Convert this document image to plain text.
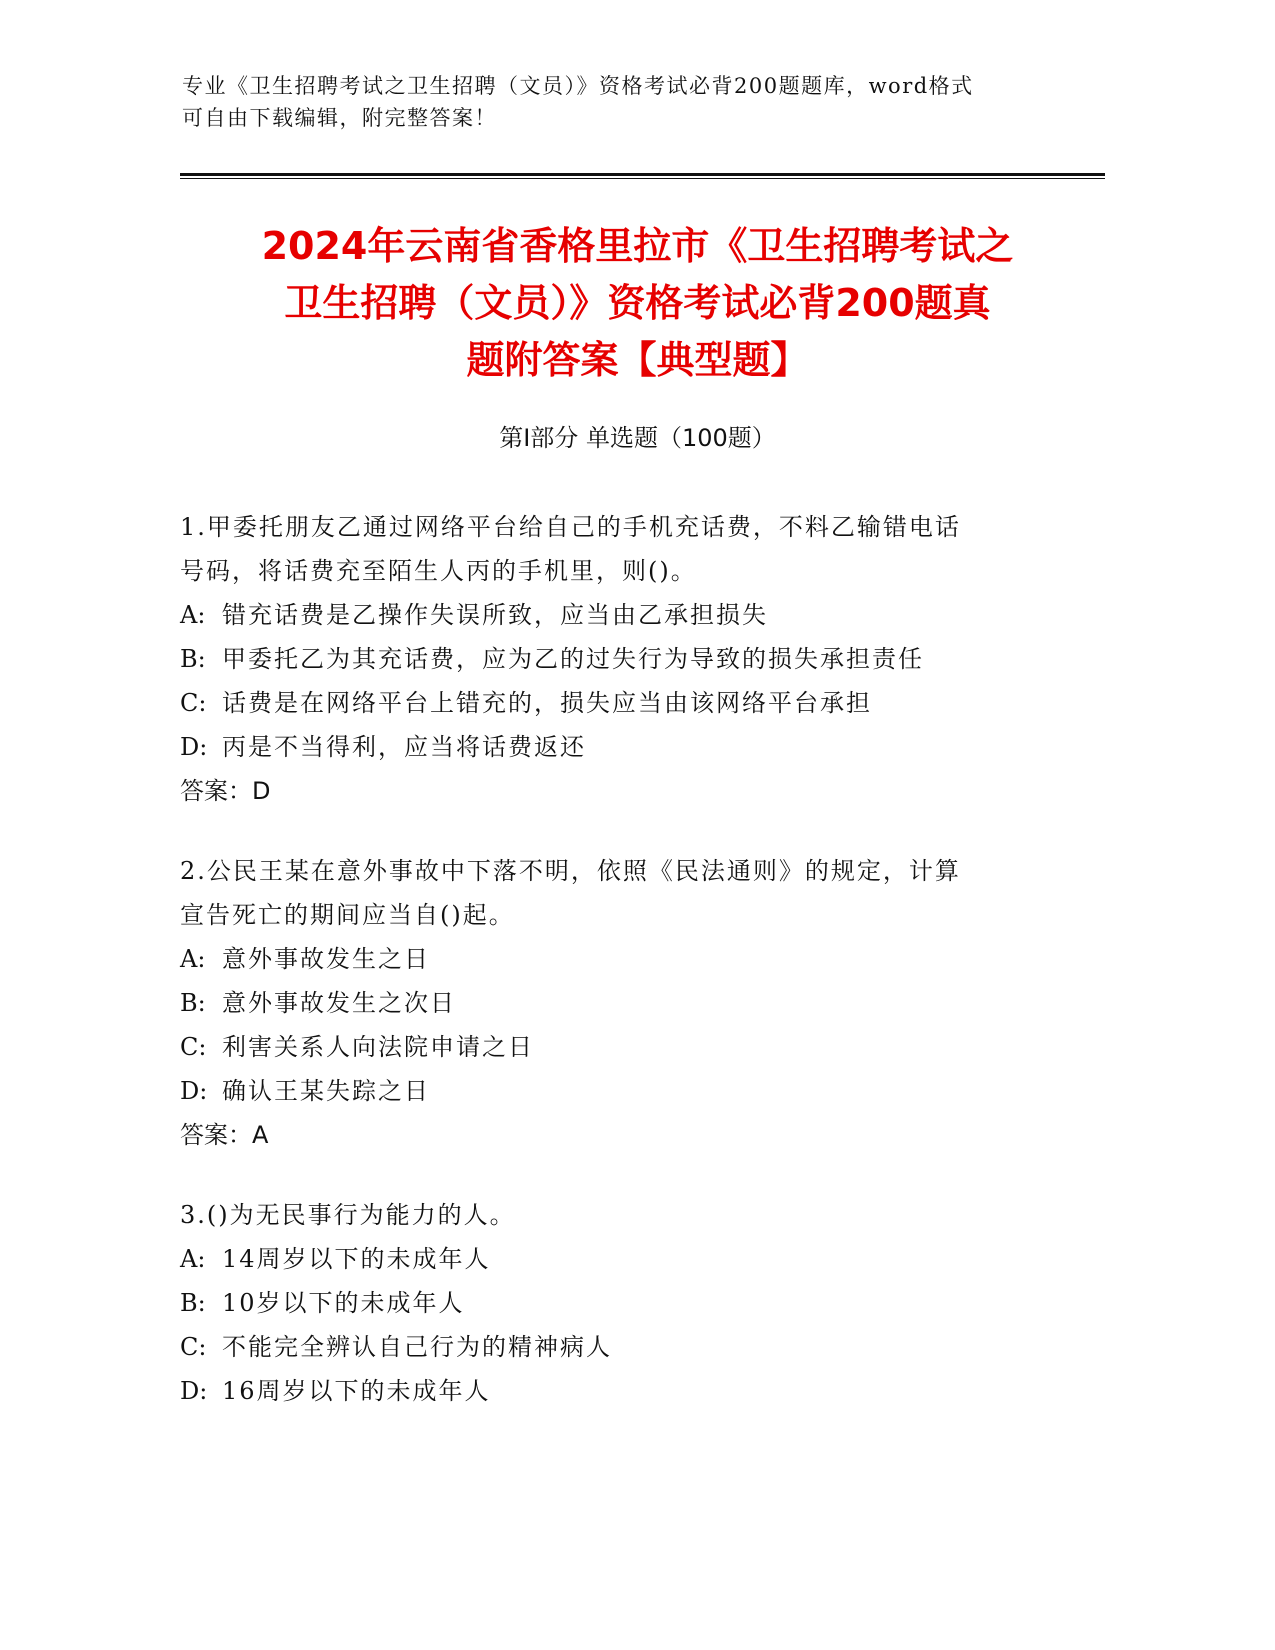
专业《卫生招聘考试之卫生招聘（文员）》资格考试必背200题题库，word格式
可自由下载编辑，附完整答案！
2024年云南省香格里拉市《卫生招聘考试之
卫生招聘（文员）》资格考试必背200题真
题附答案【典型题】
第Ⅰ部分 单选题（100题）

1.甲委托朋友乙通过网络平台给自己的手机充话费，不料乙输错电话
号码，将话费充至陌生人丙的手机里，则()。

A: 错充话费是乙操作失误所致，应当由乙承担损失

B: 甲委托乙为其充话费，应为乙的过失行为导致的损失承担责任

C: 话费是在网络平台上错充的，损失应当由该网络平台承担

D: 丙是不当得利，应当将话费返还

答案：D

2.公民王某在意外事故中下落不明，依照《民法通则》的规定，计算
宣告死亡的期间应当自()起。

A: 意外事故发生之日

B: 意外事故发生之次日

C: 利害关系人向法院申请之日

D: 确认王某失踪之日

答案：A

3.()为无民事行为能力的人。

A: 14周岁以下的未成年人

B: 10岁以下的未成年人

C: 不能完全辨认自己行为的精神病人

D: 16周岁以下的未成年人
